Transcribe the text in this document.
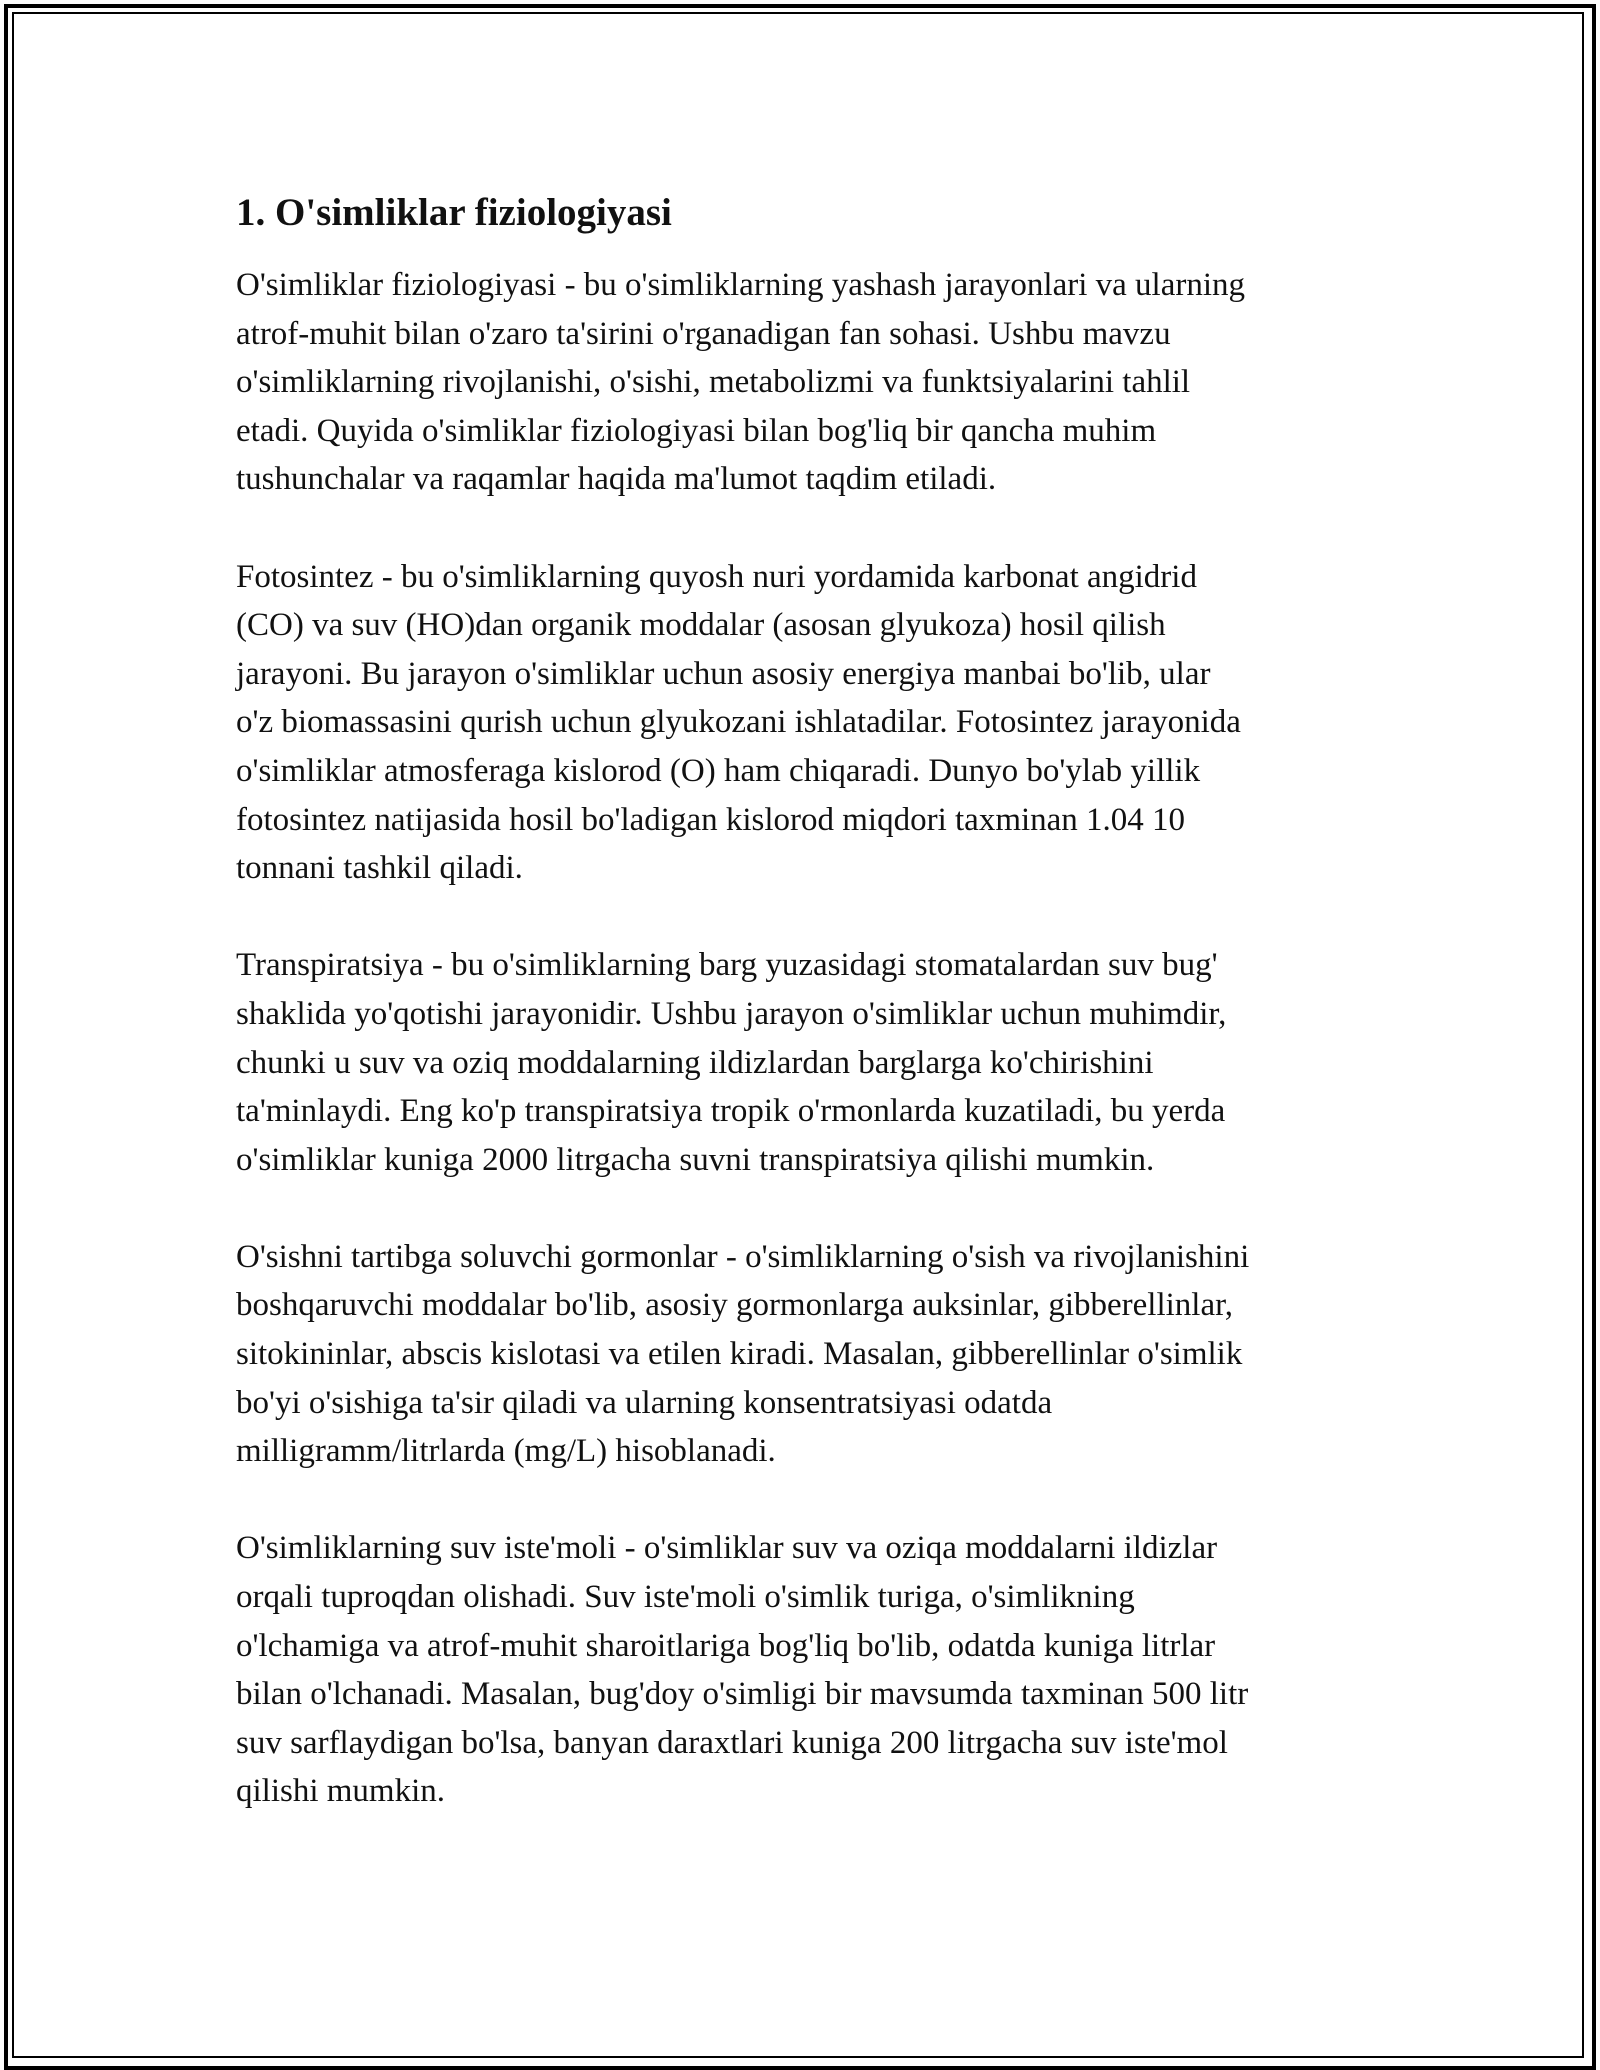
1. O'simliklar fiziologiyasi
O'simliklar fiziologiyasi - bu o'simliklarning yashash jarayonlari va ularning
atrof-muhit bilan o'zaro ta'sirini o'rganadigan fan sohasi. Ushbu mavzu
o'simliklarning rivojlanishi, o'sishi, metabolizmi va funktsiyalarini tahlil
etadi. Quyida o'simliklar fiziologiyasi bilan bog'liq bir qancha muhim
tushunchalar va raqamlar haqida ma'lumot taqdim etiladi.
Fotosintez - bu o'simliklarning quyosh nuri yordamida karbonat angidrid
(CO) va suv (HO)dan organik moddalar (asosan glyukoza) hosil qilish
jarayoni. Bu jarayon o'simliklar uchun asosiy energiya manbai bo'lib, ular
o'z biomassasini qurish uchun glyukozani ishlatadilar. Fotosintez jarayonida
o'simliklar atmosferaga kislorod (O) ham chiqaradi. Dunyo bo'ylab yillik
fotosintez natijasida hosil bo'ladigan kislorod miqdori taxminan 1.04 10
tonnani tashkil qiladi.
Transpiratsiya - bu o'simliklarning barg yuzasidagi stomatalardan suv bug'
shaklida yo'qotishi jarayonidir. Ushbu jarayon o'simliklar uchun muhimdir,
chunki u suv va oziq moddalarning ildizlardan barglarga ko'chirishini
ta'minlaydi. Eng ko'p transpiratsiya tropik o'rmonlarda kuzatiladi, bu yerda
o'simliklar kuniga 2000 litrgacha suvni transpiratsiya qilishi mumkin.
O'sishni tartibga soluvchi gormonlar - o'simliklarning o'sish va rivojlanishini
boshqaruvchi moddalar bo'lib, asosiy gormonlarga auksinlar, gibberellinlar,
sitokininlar, abscis kislotasi va etilen kiradi. Masalan, gibberellinlar o'simlik
bo'yi o'sishiga ta'sir qiladi va ularning konsentratsiyasi odatda
milligramm/litrlarda (mg/L) hisoblanadi.
O'simliklarning suv iste'moli - o'simliklar suv va oziqa moddalarni ildizlar
orqali tuproqdan olishadi. Suv iste'moli o'simlik turiga, o'simlikning
o'lchamiga va atrof-muhit sharoitlariga bog'liq bo'lib, odatda kuniga litrlar
bilan o'lchanadi. Masalan, bug'doy o'simligi bir mavsumda taxminan 500 litr
suv sarflaydigan bo'lsa, banyan daraxtlari kuniga 200 litrgacha suv iste'mol
qilishi mumkin.
